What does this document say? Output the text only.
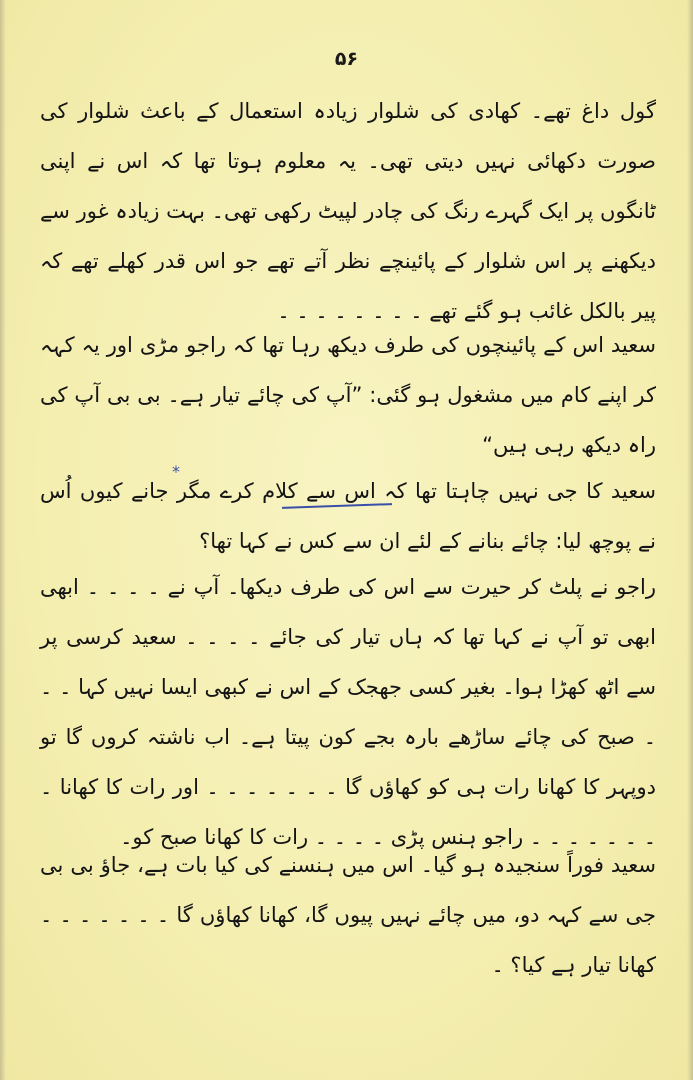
۵۶
*

گول داغ تھے۔ کھادی کی شلوار زیادہ استعمال کے باعث شلوار کی صورت دکھائی نہیں دیتی تھی۔ یہ معلوم ہوتا تھا کہ اس نے اپنی ٹانگوں پر ایک گہرے رنگ کی چادر لپیٹ رکھی تھی۔ بہت زیادہ غور سے دیکھنے پر اس شلوار کے پائینچے نظر آتے تھے جو اس قدر کھلے تھے کہ پیر بالکل غائب ہو گئے تھے ۔ ۔ ۔ ۔ ۔ ۔ ۔ ۔

سعید اس کے پائینچوں کی طرف دیکھ رہا تھا کہ راجو مڑی اور یہ کہہ کر اپنے کام میں مشغول ہو گئی: ”آپ کی چائے تیار ہے۔ بی بی آپ کی راہ دیکھ رہی ہیں“

سعید کا جی نہیں چاہتا تھا کہ اس سے کلام کرے مگر جانے کیوں اُس نے پوچھ لیا: چائے بنانے کے لئے ان سے کس نے کہا تھا؟

راجو نے پلٹ کر حیرت سے اس کی طرف دیکھا۔ آپ نے ۔ ۔ ۔ ۔ ابھی ابھی تو آپ نے کہا تھا کہ ہاں تیار کی جائے ۔ ۔ ۔ ۔ سعید کرسی پر سے اٹھ کھڑا ہوا۔ بغیر کسی جھجک کے اس نے کبھی ایسا نہیں کہا ۔ ۔ ۔ صبح کی چائے ساڑھے بارہ بجے کون پیتا ہے۔ اب ناشتہ کروں گا تو دوپہر کا کھانا رات ہی کو کھاؤں گا ۔ ۔ ۔ ۔ ۔ ۔ ۔ اور رات کا کھانا ۔ ۔ ۔ ۔ ۔ ۔ ۔ ۔ راجو ہنس پڑی ۔ ۔ ۔ ۔ رات کا کھانا صبح کو۔

سعید فوراً سنجیدہ ہو گیا۔ اس میں ہنسنے کی کیا بات ہے، جاؤ بی بی جی سے کہہ دو، میں چائے نہیں پیوں گا، کھانا کھاؤں گا ۔ ۔ ۔ ۔ ۔ ۔ ۔ کھانا تیار ہے کیا؟ ۔
